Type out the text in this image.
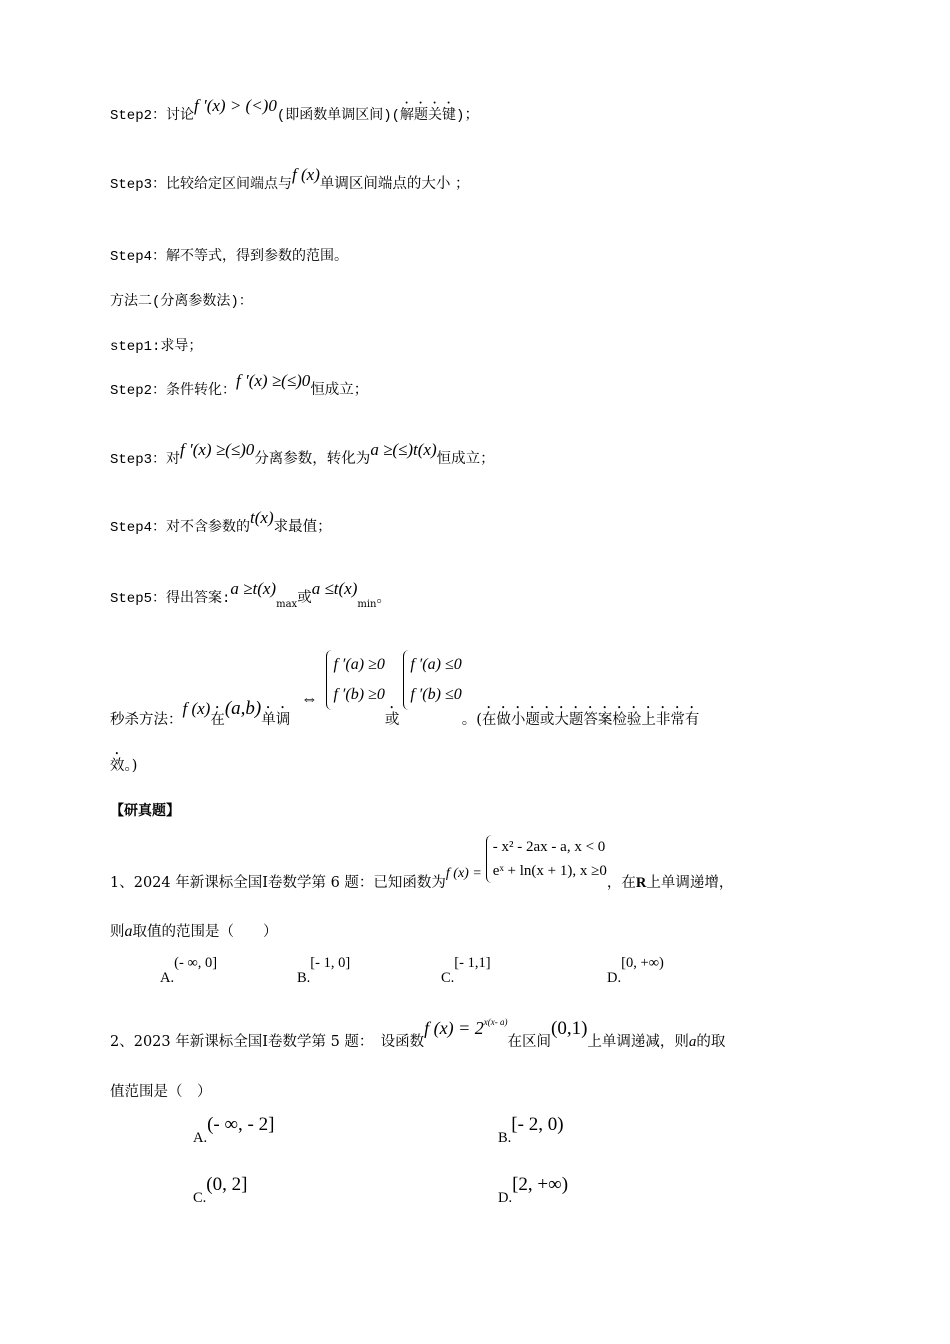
Step2：讨论f ′(x) > (<)0(即函数单调区间)(解题关键)；
Step3：比较给定区间端点与f (x)单调区间端点的大小 ；
Step4：解不等式，得到参数的范围。
方法二(分离参数法)：
step1:求导；
Step2：条件转化：f ′(x) ≥(≤)0恒成立；
Step3：对f ′(x) ≥(≤)0分离参数，转化为a ≥(≤)t(x)恒成立；
Step4：对不含参数的t(x)求最值；
Step5：得出答案:a $\ge t(x)_{max}$或$a \le t(x)_{min}$。
秒杀方法：f (x)在(a,b)单调 ⇔
f ′(a) ≥0
f ′(b) ≥0
或
f ′(a) ≤0
f ′(b) ≤0
。(在做小题或大题答案检验上非常有
效。)
【研真题】
1、2024 年新课标全国Ⅰ卷数学第 6 题：已知函数为f (x) =
- x² - 2ax - a, x < 0
eˣ + ln(x + 1), x ≥0
，在R上单调递增，
则a取值的范围是（　　）
A.(- ∞, 0]
B.[- 1, 0]
C.[- 1,1]
D.[0, +∞)
2、2023 年新课标全国Ⅰ卷数学第 5 题：　设函数f $(x) = 2^{x(x- a)}$在区间(0,1)上单调递减，则a的取
值范围是（　）
A.(- ∞, - 2]
B.[- 2, 0)
C.(0, 2]
D.[2, +∞)
